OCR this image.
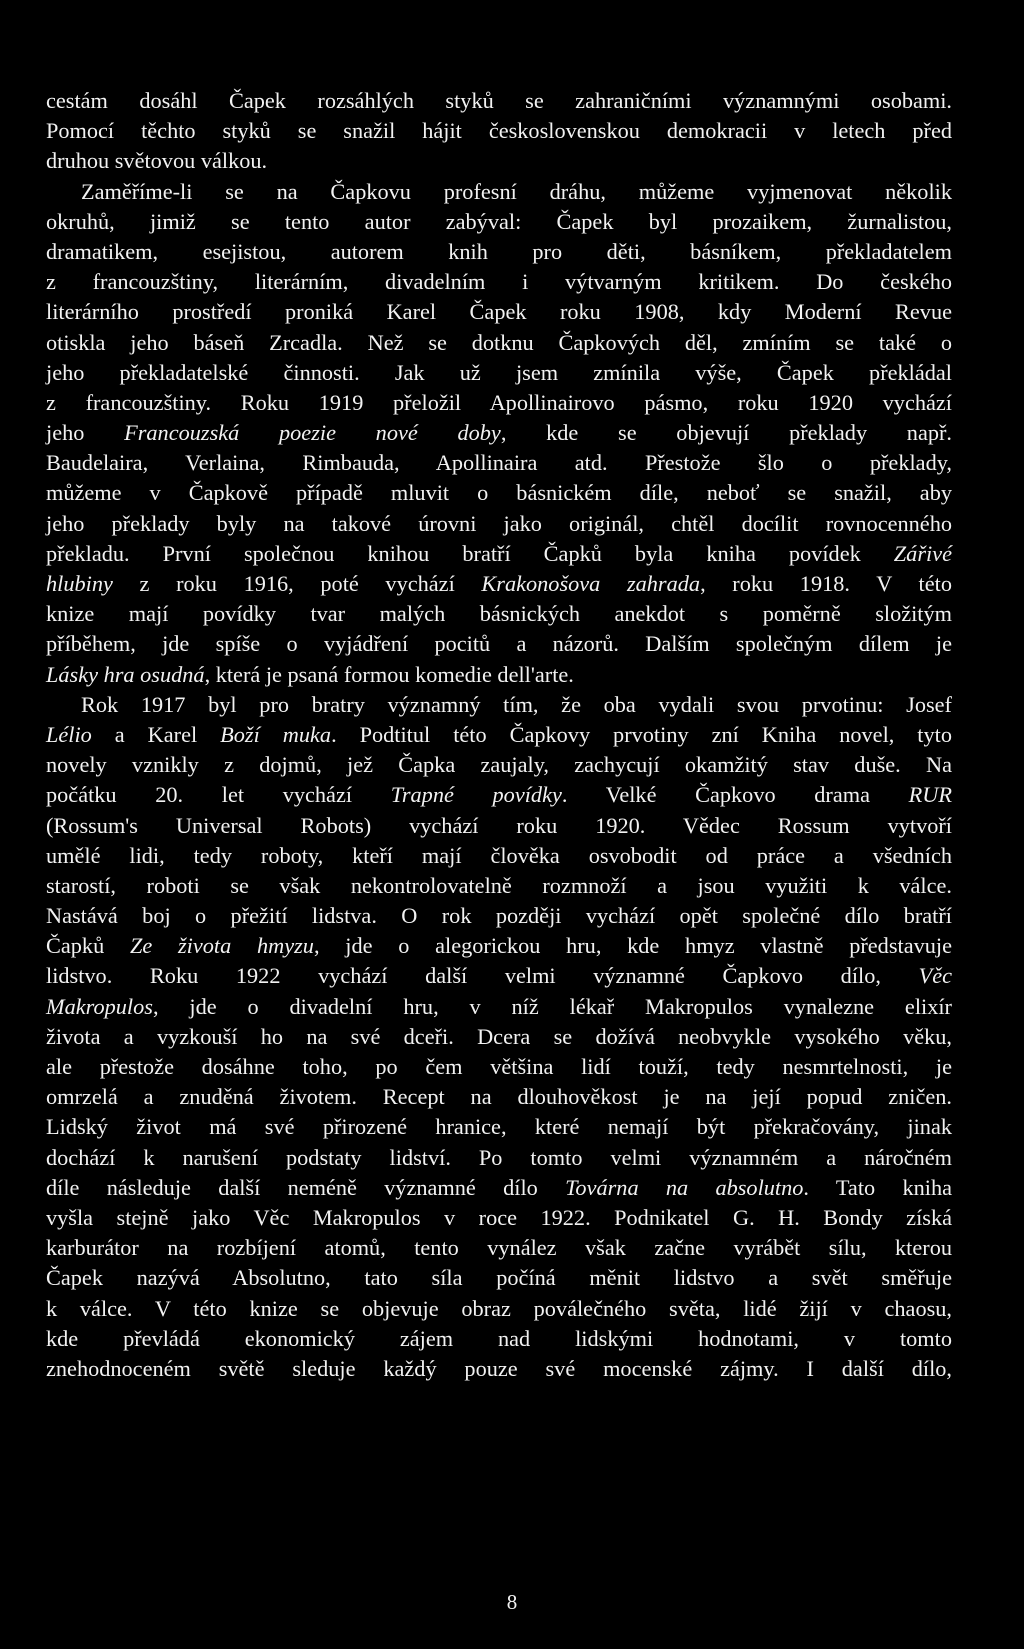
cestám dosáhl Čapek rozsáhlých styků se zahraničními významnými osobami.
Pomocí těchto styků se snažil hájit československou demokracii v letech před
druhou světovou válkou.
Zaměříme-li se na Čapkovu profesní dráhu, můžeme vyjmenovat několik
okruhů, jimiž se tento autor zabýval: Čapek byl prozaikem, žurnalistou,
dramatikem, esejistou, autorem knih pro děti, básníkem, překladatelem
z francouzštiny, literárním, divadelním i výtvarným kritikem. Do českého
literárního prostředí proniká Karel Čapek roku 1908, kdy Moderní Revue
otiskla jeho báseň Zrcadla. Než se dotknu Čapkových děl, zmíním se také o
jeho překladatelské činnosti. Jak už jsem zmínila výše, Čapek překládal
z francouzštiny. Roku 1919 přeložil Apollinairovo pásmo, roku 1920 vychází
jeho Francouzská poezie nové doby, kde se objevují překlady např.
Baudelaira, Verlaina, Rimbauda, Apollinaira atd. Přestože šlo o překlady,
můžeme v Čapkově případě mluvit o básnickém díle, neboť se snažil, aby
jeho překlady byly na takové úrovni jako originál, chtěl docílit rovnocenného
překladu. První společnou knihou bratří Čapků byla kniha povídek Zářivé
hlubiny z roku 1916, poté vychází Krakonošova zahrada, roku 1918. V této
knize mají povídky tvar malých básnických anekdot s poměrně složitým
příběhem, jde spíše o vyjádření pocitů a názorů. Dalším společným dílem je
Lásky hra osudná, která je psaná formou komedie dell'arte.
Rok 1917 byl pro bratry významný tím, že oba vydali svou prvotinu: Josef
Lélio a Karel Boží muka. Podtitul této Čapkovy prvotiny zní Kniha novel, tyto
novely vznikly z dojmů, jež Čapka zaujaly, zachycují okamžitý stav duše. Na
počátku 20. let vychází Trapné povídky. Velké Čapkovo drama RUR
(Rossum's Universal Robots) vychází roku 1920. Vědec Rossum vytvoří
umělé lidi, tedy roboty, kteří mají člověka osvobodit od práce a všedních
starostí, roboti se však nekontrolovatelně rozmnoží a jsou využiti k válce.
Nastává boj o přežití lidstva. O rok později vychází opět společné dílo bratří
Čapků Ze života hmyzu, jde o alegorickou hru, kde hmyz vlastně představuje
lidstvo. Roku 1922 vychází další velmi významné Čapkovo dílo, Věc
Makropulos, jde o divadelní hru, v níž lékař Makropulos vynalezne elixír
života a vyzkouší ho na své dceři. Dcera se dožívá neobvykle vysokého věku,
ale přestože dosáhne toho, po čem většina lidí touží, tedy nesmrtelnosti, je
omrzelá a znuděná životem. Recept na dlouhověkost je na její popud zničen.
Lidský život má své přirozené hranice, které nemají být překračovány, jinak
dochází k narušení podstaty lidství. Po tomto velmi významném a náročném
díle následuje další neméně významné dílo Továrna na absolutno. Tato kniha
vyšla stejně jako Věc Makropulos v roce 1922. Podnikatel G. H. Bondy získá
karburátor na rozbíjení atomů, tento vynález však začne vyrábět sílu, kterou
Čapek nazývá Absolutno, tato síla počíná měnit lidstvo a svět směřuje
k válce. V této knize se objevuje obraz poválečného světa, lidé žijí v chaosu,
kde převládá ekonomický zájem nad lidskými hodnotami, v tomto
znehodnoceném světě sleduje každý pouze své mocenské zájmy. I další dílo,
8
